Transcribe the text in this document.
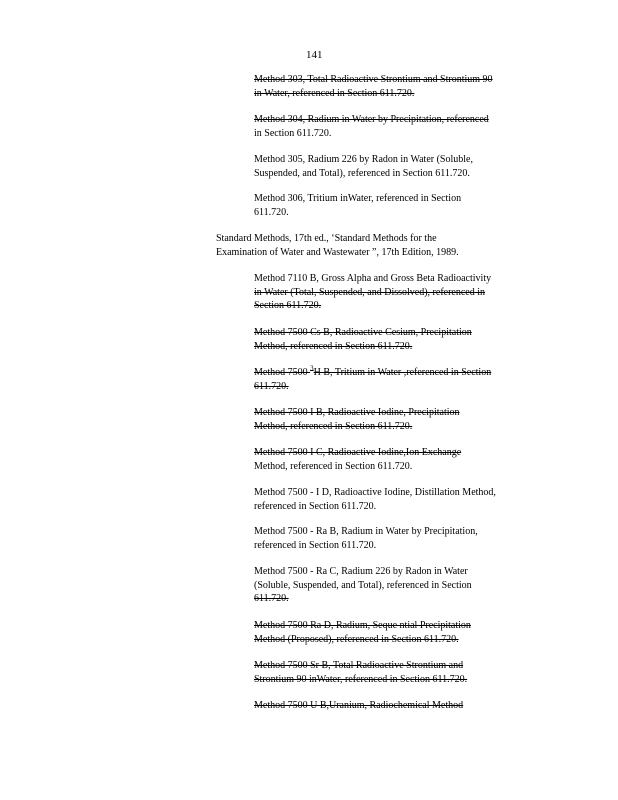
141
Method 303, Total Radioactive Strontium and Strontium 90
in Water, referenced in Section 611.720.
Method 304, Radium in Water by Precipitation, referenced
in Section 611.720.
Method 305, Radium 226 by Radon in Water (Soluble,
Suspended, and Total), referenced in Section 611.720.
Method 306, Tritium inWater, referenced in Section
611.720.
Standard Methods, 17th ed., ‘Standard Methods for the
Examination of Water and Wastewater ”, 17th Edition, 1989.
Method 7110 B, Gross Alpha and Gross Beta Radioactivity
in Water (Total, Suspended, and Dissolved), referenced in
Section 611.720.
Method 7500 Cs B, Radioactive Cesium, Precipitation
Method, referenced in Section 611.720.
Method 7500 $^3$H B, Tritium in Water ,referenced in Section
611.720.
Method 7500 I B, Radioactive Iodine, Precipitation
Method, referenced in Section 611.720.
Method 7500 I C, Radioactive Iodine,Ion Exchange
Method, referenced in Section 611.720.
Method 7500 - I D, Radioactive Iodine, Distillation Method,
referenced in Section 611.720.
Method 7500 - Ra B, Radium in Water by Precipitation,
referenced in Section 611.720.
Method 7500 - Ra C, Radium 226 by Radon in Water
(Soluble, Suspended, and Total), referenced in Section
611.720.
Method 7500 Ra D, Radium, Seque ntial Precipitation
Method (Proposed), referenced in Section 611.720.
Method 7500 Sr B, Total Radioactive Strontium and
Strontium 90 inWater, referenced in Section 611.720.
Method 7500 U B,Uranium, Radiochemical Method
